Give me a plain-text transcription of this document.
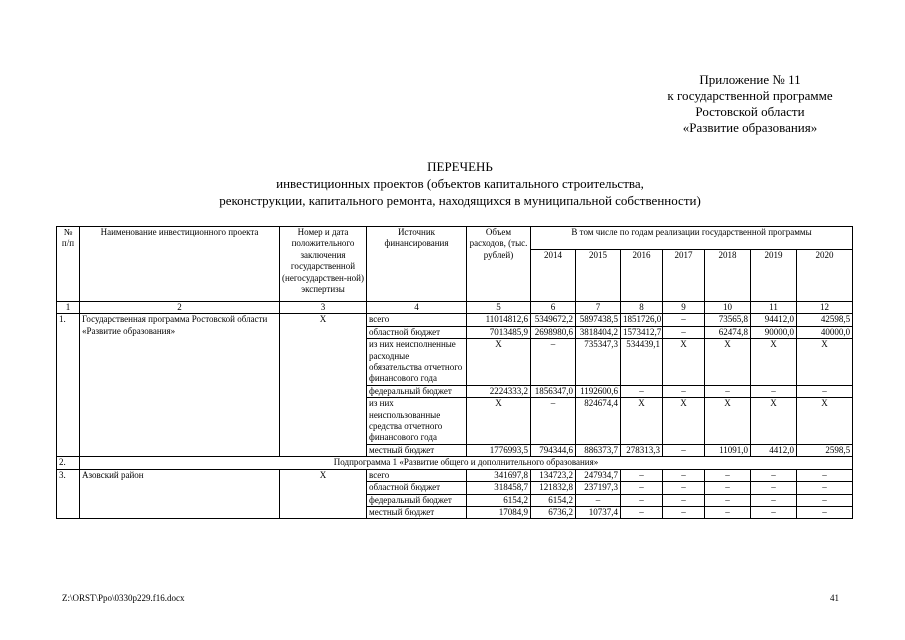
Приложение № 11
к государственной программе
Ростовской области
«Развитие образования»
ПЕРЕЧЕНЬ
инвестиционных проектов (объектов капитального строительства,
реконструкции, капитального ремонта, находящихся в муниципальной собственности)
№ п/п	Наименование инвестиционного проекта	Номер и дата положительного заключения государственной (негосударствен-ной) экспертизы	Источник финансирования	Объем расходов, (тыс. рублей)	В том числе по годам реализации государственной программы						
					2014	2015	2016	2017	2018	2019	2020
1	2	3	4	5	6	7	8	9	10	11	12
1.	Государственная программа Ростовской области «Развитие образования»	X	всего	11014812,6	5349672,2	5897438,5	1851726,0	–	73565,8	94412,0	42598,5
			областной бюджет	7013485,9	2698980,6	3818404,2	1573412,7	–	62474,8	90000,0	40000,0
			из них неисполненные расходные обязательства отчетного финансового года	X	–	735347,3	534439,1	X	X	X	X
			федеральный бюджет	2224333,2	1856347,0	1192600,6	–	–	–	–	–
			из них неиспользованные средства отчетного финансового года	X	–	824674,4	X	X	X	X	X
			местный бюджет	1776993,5	794344,6	886373,7	278313,3	–	11091,0	4412,0	2598,5
2.	Подпрограмма 1 «Развитие общего и дополнительного образования»										
3.	Азовский район	X	всего	341697,8	134723,2	247934,7	–	–	–	–	–
			областной бюджет	318458,7	121832,8	237197,3	–	–	–	–	–
			федеральный бюджет	6154,2	6154,2	–	–	–	–	–	–
			местный бюджет	17084,9	6736,2	10737,4	–	–	–	–	–
Z:\ORST\Ppo\0330p229.f16.docx	41
